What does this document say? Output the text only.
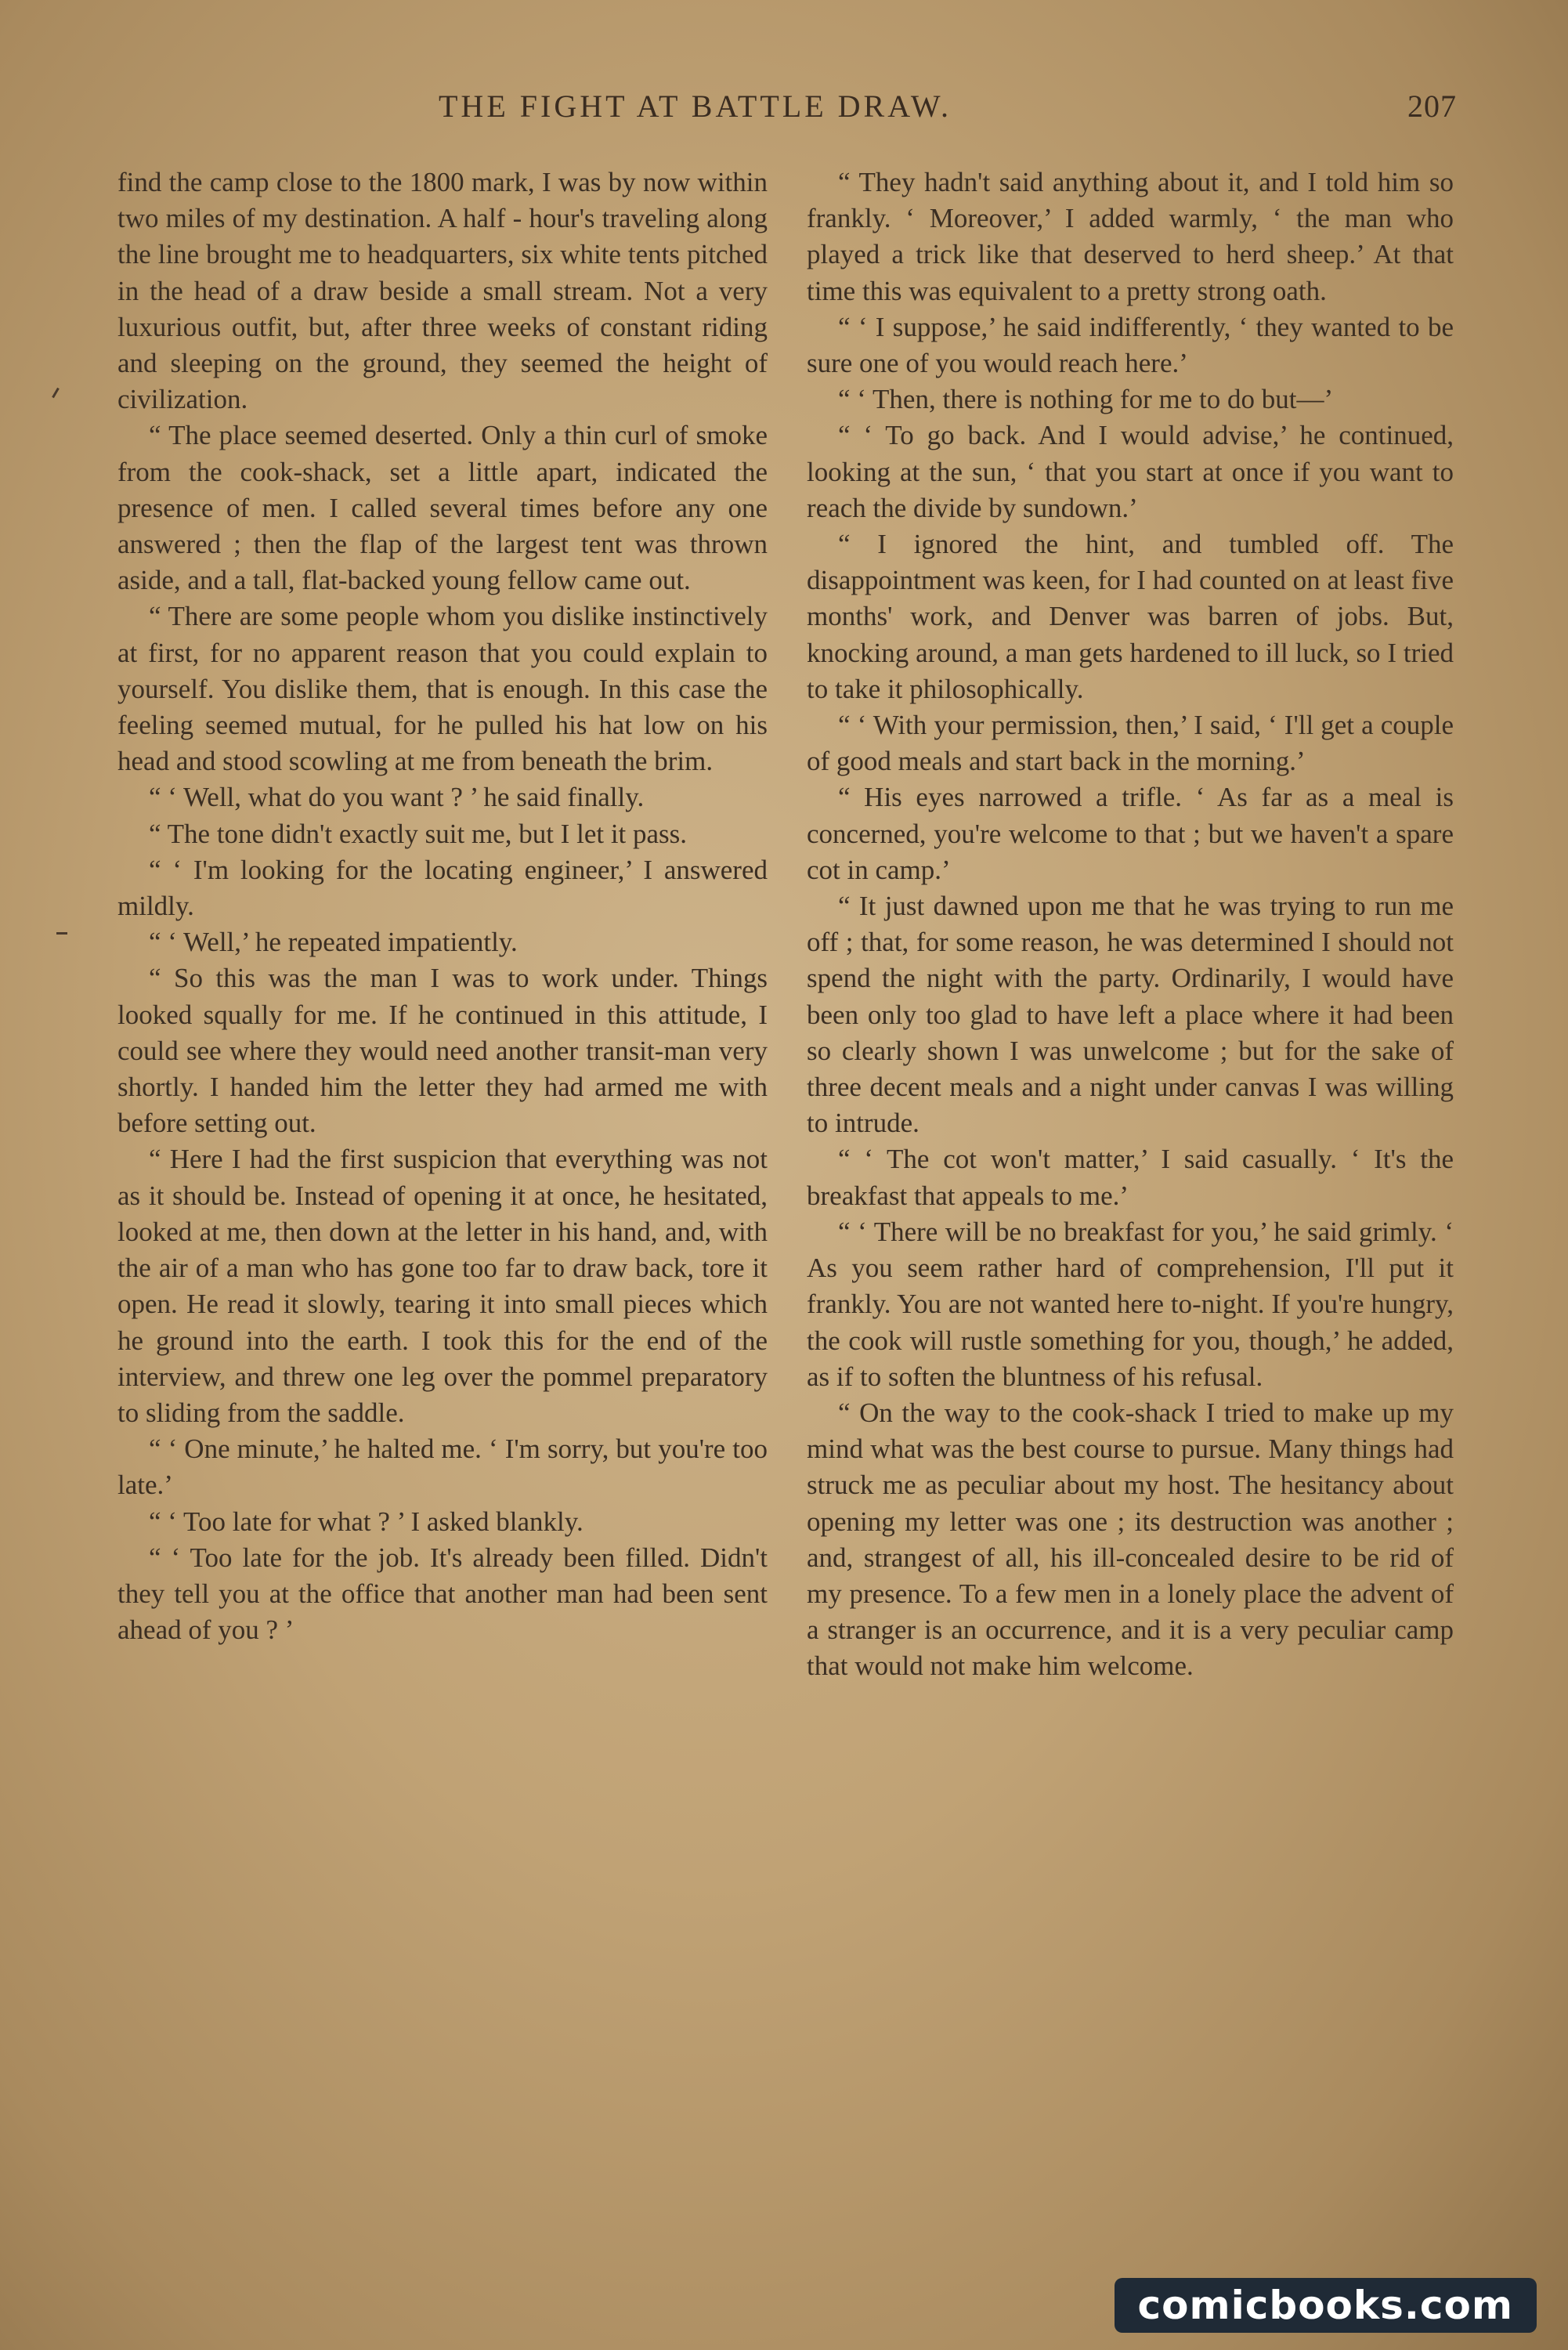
THE FIGHT AT BATTLE DRAW.	207

find the camp close to the 1800 mark, I was by now within two miles of my destination. A half - hour's traveling along the line brought me to headquarters, six white tents pitched in the head of a draw beside a small stream. Not a very luxurious outfit, but, after three weeks of constant riding and sleeping on the ground, they seemed the height of civilization.

“ The place seemed deserted. Only a thin curl of smoke from the cook-shack, set a little apart, indicated the presence of men. I called several times before any one answered ; then the flap of the largest tent was thrown aside, and a tall, flat-backed young fellow came out.

“ There are some people whom you dislike instinctively at first, for no apparent reason that you could explain to yourself. You dislike them, that is enough. In this case the feeling seemed mutual, for he pulled his hat low on his head and stood scowling at me from beneath the brim.

“ ‘ Well, what do you want ? ’ he said finally.

“ The tone didn't exactly suit me, but I let it pass.

“ ‘ I'm looking for the locating engineer,’ I answered mildly.

“ ‘ Well,’ he repeated impatiently.

“ So this was the man I was to work under. Things looked squally for me. If he continued in this attitude, I could see where they would need another transit-man very shortly. I handed him the letter they had armed me with before setting out.

“ Here I had the first suspicion that everything was not as it should be. Instead of opening it at once, he hesitated, looked at me, then down at the letter in his hand, and, with the air of a man who has gone too far to draw back, tore it open. He read it slowly, tearing it into small pieces which he ground into the earth. I took this for the end of the interview, and threw one leg over the pommel preparatory to sliding from the saddle.

“ ‘ One minute,’ he halted me. ‘ I'm sorry, but you're too late.’

“ ‘ Too late for what ? ’ I asked blankly.

“ ‘ Too late for the job. It's already been filled. Didn't they tell you at the office that another man had been sent ahead of you ? ’

“ They hadn't said anything about it, and I told him so frankly. ‘ Moreover,’ I added warmly, ‘ the man who played a trick like that deserved to herd sheep.’ At that time this was equivalent to a pretty strong oath.

“ ‘ I suppose,’ he said indifferently, ‘ they wanted to be sure one of you would reach here.’

“ ‘ Then, there is nothing for me to do but—’

“ ‘ To go back. And I would advise,’ he continued, looking at the sun, ‘ that you start at once if you want to reach the divide by sundown.’

“ I ignored the hint, and tumbled off. The disappointment was keen, for I had counted on at least five months' work, and Denver was barren of jobs. But, knocking around, a man gets hardened to ill luck, so I tried to take it philosophically.

“ ‘ With your permission, then,’ I said, ‘ I'll get a couple of good meals and start back in the morning.’

“ His eyes narrowed a trifle. ‘ As far as a meal is concerned, you're welcome to that ; but we haven't a spare cot in camp.’

“ It just dawned upon me that he was trying to run me off ; that, for some reason, he was determined I should not spend the night with the party. Ordinarily, I would have been only too glad to have left a place where it had been so clearly shown I was unwelcome ; but for the sake of three decent meals and a night under canvas I was willing to intrude.

“ ‘ The cot won't matter,’ I said casually. ‘ It's the breakfast that appeals to me.’

“ ‘ There will be no breakfast for you,’ he said grimly. ‘ As you seem rather hard of comprehension, I'll put it frankly. You are not wanted here to-night. If you're hungry, the cook will rustle something for you, though,’ he added, as if to soften the bluntness of his refusal.

“ On the way to the cook-shack I tried to make up my mind what was the best course to pursue. Many things had struck me as peculiar about my host. The hesitancy about opening my letter was one ; its destruction was another ; and, strangest of all, his ill-concealed desire to be rid of my presence. To a few men in a lonely place the advent of a stranger is an occurrence, and it is a very peculiar camp that would not make him welcome.

comicbooks.com
